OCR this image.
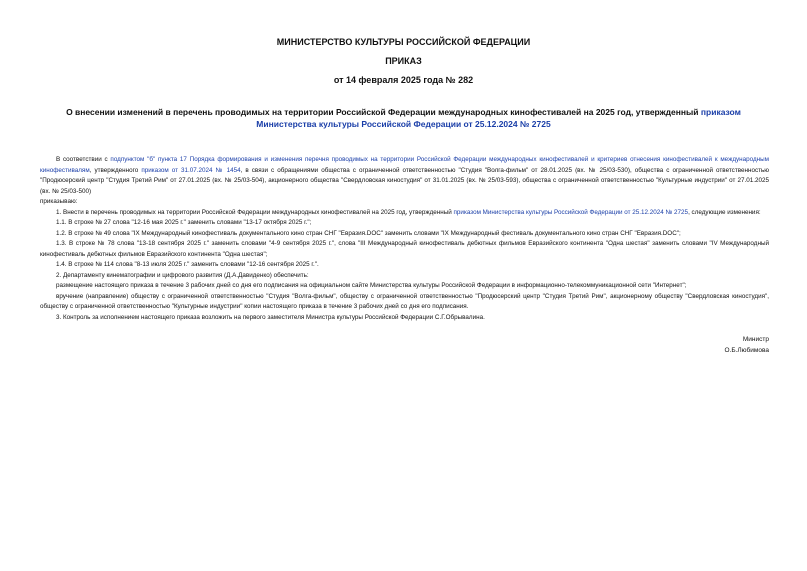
МИНИСТЕРСТВО КУЛЬТУРЫ РОССИЙСКОЙ ФЕДЕРАЦИИ
ПРИКАЗ
от 14 февраля 2025 года № 282
О внесении изменений в перечень проводимых на территории Российской Федерации международных кинофестивалей на 2025 год, утвержденный приказом Министерства культуры Российской Федерации от 25.12.2024 № 2725

В соответствии с подпунктом "б" пункта 17 Порядка формирования и изменения перечня проводимых на территории Российской Федерации международных кинофестивалей и критериев отнесения кинофестивалей к международным кинофестивалям, утвержденного приказом от 31.07.2024 № 1454, в связи с обращениями общества с ограниченной ответственностью "Студия "Волга-фильм" от 28.01.2025 (вх. № 25/03-530), общества с ограниченной ответственностью "Продюсерский центр "Студия Третий Рим" от 27.01.2025 (вх. № 25/03-504), акционерного общества "Свердловская киностудия" от 31.01.2025 (вх. № 25/03-593), общества с ограниченной ответственностью "Культурные индустрии" от 27.01.2025 (вх. № 25/03-500)

приказываю:

1. Внести в перечень проводимых на территории Российской Федерации международных кинофестивалей на 2025 год, утвержденный приказом Министерства культуры Российской Федерации от 25.12.2024 № 2725, следующие изменения:

1.1. В строке № 27 слова "12-16 мая 2025 г." заменить словами "13-17 октября 2025 г.";

1.2. В строке № 49 слова "IX Международный кинофестиваль документального кино стран СНГ "Евразия.DOC" заменить словами "IX Международный фестиваль документального кино стран СНГ "Евразия.DOC";

1.3. В строке № 78 слова "13-18 сентября 2025 г." заменить словами "4-9 сентября 2025 г.", слова "III Международный кинофестиваль дебютных фильмов Евразийского континента "Одна шестая" заменить словами "IV Международный кинофестиваль дебютных фильмов Евразийского континента "Одна шестая";

1.4. В строке № 114 слова "8-13 июля 2025 г." заменить словами "12-16 сентября 2025 г.".

2. Департаменту кинематографии и цифрового развития (Д.А.Давиденко) обеспечить:

размещение настоящего приказа в течение 3 рабочих дней со дня его подписания на официальном сайте Министерства культуры Российской Федерации в информационно-телекоммуникационной сети "Интернет";

вручение (направление) обществу с ограниченной ответственностью "Студия "Волга-фильм", обществу с ограниченной ответственностью "Продюсерский центр "Студия Третий Рим", акционерному обществу "Свердловская киностудия", обществу с ограниченной ответственностью "Культурные индустрии" копии настоящего приказа в течение 3 рабочих дней со дня его подписания.

3. Контроль за исполнением настоящего приказа возложить на первого заместителя Министра культуры Российской Федерации С.Г.Обрывалина.

Министр
О.Б.Любимова
